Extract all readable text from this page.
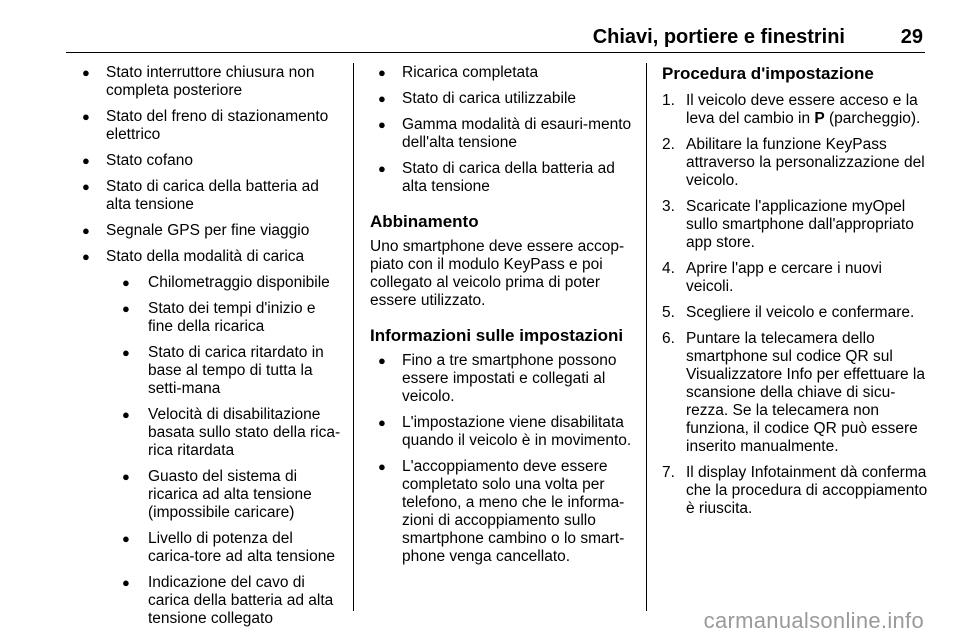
Chiavi, portiere e finestrini	29
● Stato interruttore chiusura non completa posteriore
● Stato del freno di stazionamento elettrico
● Stato cofano
● Stato di carica della batteria ad alta tensione
● Segnale GPS per fine viaggio
● Stato della modalità di carica
● Chilometraggio disponibile
● Stato dei tempi d'inizio e fine della ricarica
● Stato di carica ritardato in base al tempo di tutta la setti-mana
● Velocità di disabilitazione basata sullo stato della rica-rica ritardata
● Guasto del sistema di ricarica ad alta tensione (impossibile caricare)
● Livello di potenza del carica-tore ad alta tensione
● Indicazione del cavo di carica della batteria ad alta tensione collegato
● Ricarica completata
● Stato di carica utilizzabile
● Gamma modalità di esauri-mento dell'alta tensione
● Stato di carica della batteria ad alta tensione
Abbinamento

Uno smartphone deve essere accop-piato con il modulo KeyPass e poi collegato al veicolo prima di poter essere utilizzato.

Informazioni sulle impostazioni
● Fino a tre smartphone possono essere impostati e collegati al veicolo.
● L'impostazione viene disabilitata quando il veicolo è in movimento.
● L'accoppiamento deve essere completato solo una volta per telefono, a meno che le informa-zioni di accoppiamento sullo smartphone cambino o lo smart-phone venga cancellato.
Procedura d'impostazione
1. Il veicolo deve essere acceso e la leva del cambio in P (parcheggio).
2. Abilitare la funzione KeyPass attraverso la personalizzazione del veicolo.
3. Scaricate l'applicazione myOpel sullo smartphone dall'appropriato app store.
4. Aprire l'app e cercare i nuovi veicoli.
5. Scegliere il veicolo e confermare.
6. Puntare la telecamera dello smartphone sul codice QR sul Visualizzatore Info per effettuare la scansione della chiave di sicu-rezza. Se la telecamera non funziona, il codice QR può essere inserito manualmente.
7. Il display Infotainment dà conferma che la procedura di accoppiamento è riuscita.
carmanualsonline.info
